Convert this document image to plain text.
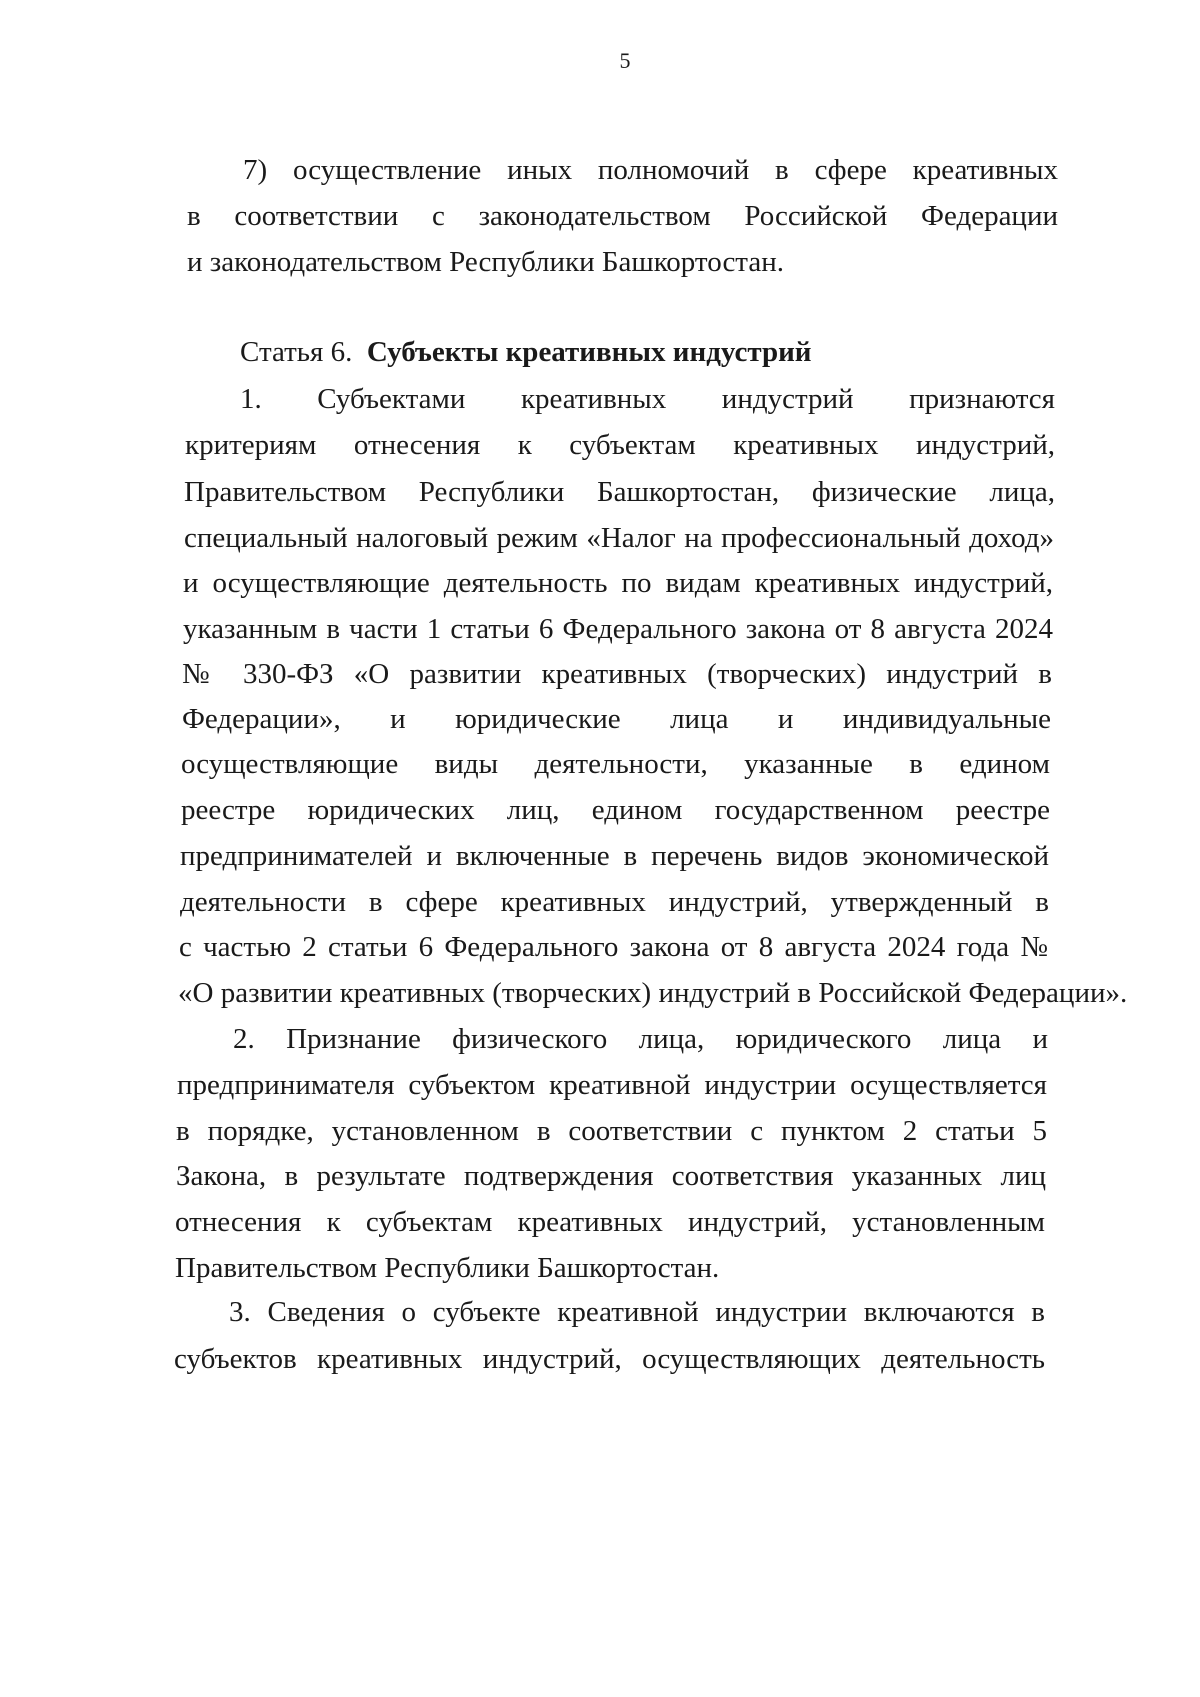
5
7) осуществление иных полномочий в сфере креативных
в соответствии с законодательством Российской Федерации
и законодательством Республики Башкортостан.
Статья 6. Субъекты креативных индустрий
1. Субъектами креативных индустрий признаются
критериям отнесения к субъектам креативных индустрий,
Правительством Республики Башкортостан, физические лица,
специальный налоговый режим «Налог на профессиональный доход»
и осуществляющие деятельность по видам креативных индустрий,
указанным в части 1 статьи 6 Федерального закона от 8 августа 2024
№ 330-ФЗ «О развитии креативных (творческих) индустрий в
Федерации», и юридические лица и индивидуальные
осуществляющие виды деятельности, указанные в едином
реестре юридических лиц, едином государственном реестре
предпринимателей и включенные в перечень видов экономической
деятельности в сфере креативных индустрий, утвержденный в
с частью 2 статьи 6 Федерального закона от 8 августа 2024 года №
«О развитии креативных (творческих) индустрий в Российской Федерации».
2. Признание физического лица, юридического лица и
предпринимателя субъектом креативной индустрии осуществляется
в порядке, установленном в соответствии с пунктом 2 статьи 5
Закона, в результате подтверждения соответствия указанных лиц
отнесения к субъектам креативных индустрий, установленным
Правительством Республики Башкортостан.
3. Сведения о субъекте креативной индустрии включаются в
субъектов креативных индустрий, осуществляющих деятельность
